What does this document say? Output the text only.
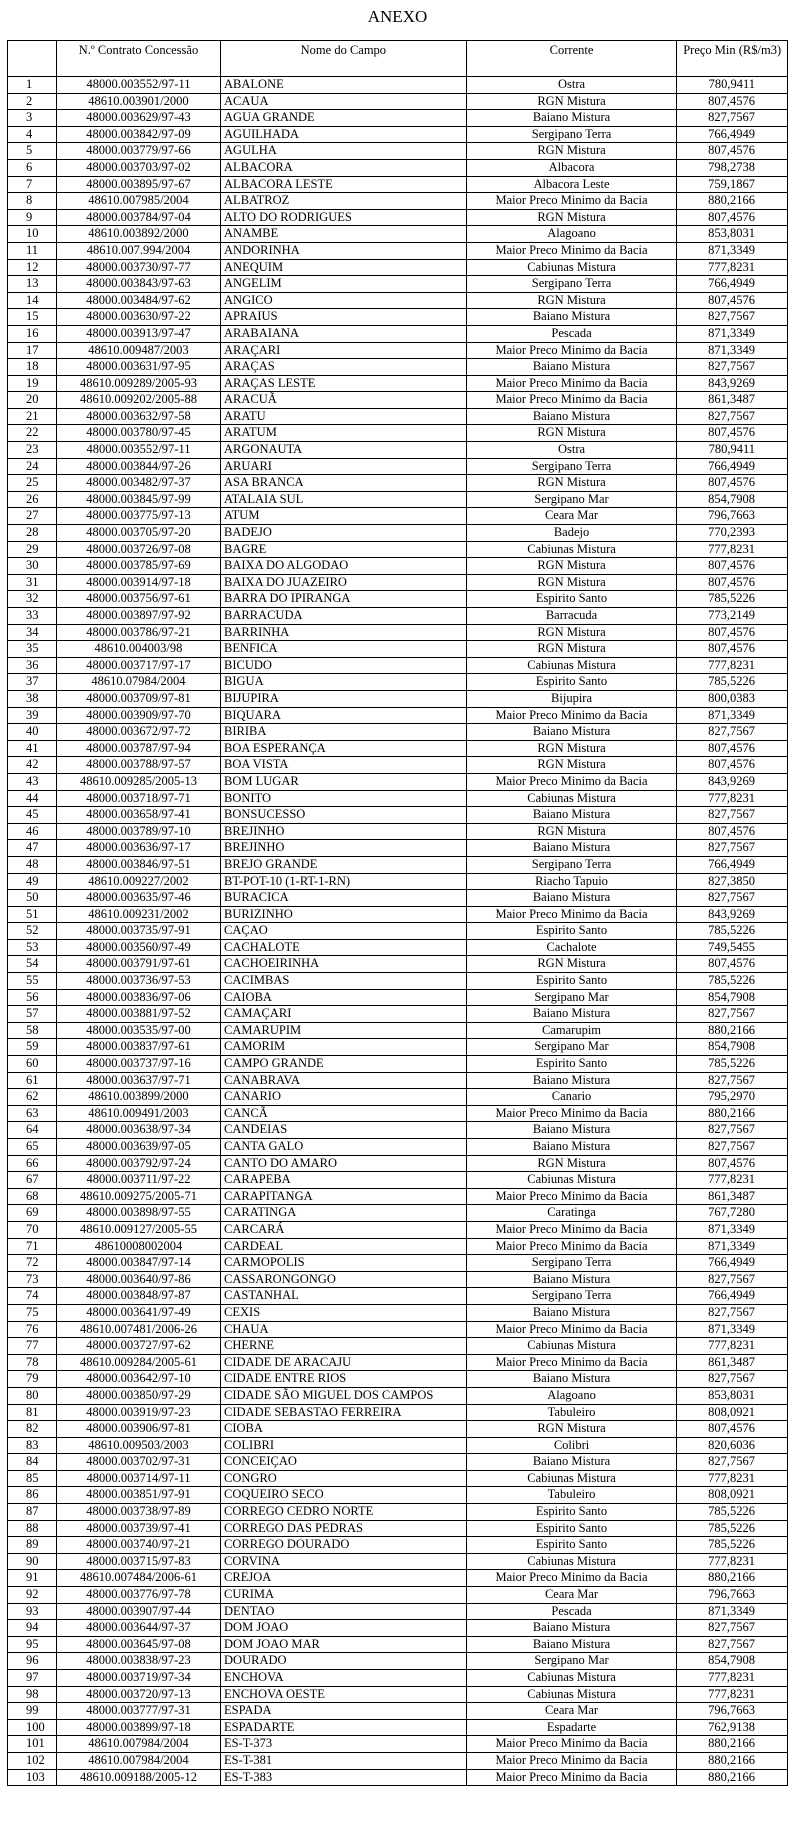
ANEXO
	N.º Contrato Concessão	Nome do Campo	Corrente	Preço Min (R$/m3)
1	48000.003552/97-11	ABALONE	Ostra	780,9411
2	48610.003901/2000	ACAUA	RGN Mistura	807,4576
3	48000.003629/97-43	AGUA GRANDE	Baiano Mistura	827,7567
4	48000.003842/97-09	AGUILHADA	Sergipano Terra	766,4949
5	48000.003779/97-66	AGULHA	RGN Mistura	807,4576
6	48000.003703/97-02	ALBACORA	Albacora	798,2738
7	48000.003895/97-67	ALBACORA LESTE	Albacora Leste	759,1867
8	48610.007985/2004	ALBATROZ	Maior Preco Minimo da Bacia	880,2166
9	48000.003784/97-04	ALTO DO RODRIGUES	RGN Mistura	807,4576
10	48610.003892/2000	ANAMBE	Alagoano	853,8031
11	48610.007.994/2004	ANDORINHA	Maior Preco Minimo da Bacia	871,3349
12	48000.003730/97-77	ANEQUIM	Cabiunas Mistura	777,8231
13	48000.003843/97-63	ANGELIM	Sergipano Terra	766,4949
14	48000.003484/97-62	ANGICO	RGN Mistura	807,4576
15	48000.003630/97-22	APRAIUS	Baiano Mistura	827,7567
16	48000.003913/97-47	ARABAIANA	Pescada	871,3349
17	48610.009487/2003	ARAÇARI	Maior Preco Minimo da Bacia	871,3349
18	48000.003631/97-95	ARAÇAS	Baiano Mistura	827,7567
19	48610.009289/2005-93	ARAÇAS LESTE	Maior Preco Minimo da Bacia	843,9269
20	48610.009202/2005-88	ARACUÃ	Maior Preco Minimo da Bacia	861,3487
21	48000.003632/97-58	ARATU	Baiano Mistura	827,7567
22	48000.003780/97-45	ARATUM	RGN Mistura	807,4576
23	48000.003552/97-11	ARGONAUTA	Ostra	780,9411
24	48000.003844/97-26	ARUARI	Sergipano Terra	766,4949
25	48000.003482/97-37	ASA BRANCA	RGN Mistura	807,4576
26	48000.003845/97-99	ATALAIA SUL	Sergipano Mar	854,7908
27	48000.003775/97-13	ATUM	Ceara Mar	796,7663
28	48000.003705/97-20	BADEJO	Badejo	770,2393
29	48000.003726/97-08	BAGRE	Cabiunas Mistura	777,8231
30	48000.003785/97-69	BAIXA DO ALGODAO	RGN Mistura	807,4576
31	48000.003914/97-18	BAIXA DO JUAZEIRO	RGN Mistura	807,4576
32	48000.003756/97-61	BARRA DO IPIRANGA	Espirito Santo	785,5226
33	48000.003897/97-92	BARRACUDA	Barracuda	773,2149
34	48000.003786/97-21	BARRINHA	RGN Mistura	807,4576
35	48610.004003/98	BENFICA	RGN Mistura	807,4576
36	48000.003717/97-17	BICUDO	Cabiunas Mistura	777,8231
37	48610.07984/2004	BIGUA	Espirito Santo	785,5226
38	48000.003709/97-81	BIJUPIRA	Bijupira	800,0383
39	48000.003909/97-70	BIQUARA	Maior Preco Minimo da Bacia	871,3349
40	48000.003672/97-72	BIRIBA	Baiano Mistura	827,7567
41	48000.003787/97-94	BOA ESPERANÇA	RGN Mistura	807,4576
42	48000.003788/97-57	BOA VISTA	RGN Mistura	807,4576
43	48610.009285/2005-13	BOM LUGAR	Maior Preco Minimo da Bacia	843,9269
44	48000.003718/97-71	BONITO	Cabiunas Mistura	777,8231
45	48000.003658/97-41	BONSUCESSO	Baiano Mistura	827,7567
46	48000.003789/97-10	BREJINHO	RGN Mistura	807,4576
47	48000.003636/97-17	BREJINHO	Baiano Mistura	827,7567
48	48000.003846/97-51	BREJO GRANDE	Sergipano Terra	766,4949
49	48610.009227/2002	BT-POT-10 (1-RT-1-RN)	Riacho Tapuio	827,3850
50	48000.003635/97-46	BURACICA	Baiano Mistura	827,7567
51	48610.009231/2002	BURIZINHO	Maior Preco Minimo da Bacia	843,9269
52	48000.003735/97-91	CAÇAO	Espirito Santo	785,5226
53	48000.003560/97-49	CACHALOTE	Cachalote	749,5455
54	48000.003791/97-61	CACHOEIRINHA	RGN Mistura	807,4576
55	48000.003736/97-53	CACIMBAS	Espirito Santo	785,5226
56	48000.003836/97-06	CAIOBA	Sergipano Mar	854,7908
57	48000.003881/97-52	CAMAÇARI	Baiano Mistura	827,7567
58	48000.003535/97-00	CAMARUPIM	Camarupim	880,2166
59	48000.003837/97-61	CAMORIM	Sergipano Mar	854,7908
60	48000.003737/97-16	CAMPO GRANDE	Espirito Santo	785,5226
61	48000.003637/97-71	CANABRAVA	Baiano Mistura	827,7567
62	48610.003899/2000	CANARIO	Canario	795,2970
63	48610.009491/2003	CANCÃ	Maior Preco Minimo da Bacia	880,2166
64	48000.003638/97-34	CANDEIAS	Baiano Mistura	827,7567
65	48000.003639/97-05	CANTA GALO	Baiano Mistura	827,7567
66	48000.003792/97-24	CANTO DO AMARO	RGN Mistura	807,4576
67	48000.003711/97-22	CARAPEBA	Cabiunas Mistura	777,8231
68	48610.009275/2005-71	CARAPITANGA	Maior Preco Minimo da Bacia	861,3487
69	48000.003898/97-55	CARATINGA	Caratinga	767,7280
70	48610.009127/2005-55	CARCARÁ	Maior Preco Minimo da Bacia	871,3349
71	48610008002004	CARDEAL	Maior Preco Minimo da Bacia	871,3349
72	48000.003847/97-14	CARMOPOLIS	Sergipano Terra	766,4949
73	48000.003640/97-86	CASSARONGONGO	Baiano Mistura	827,7567
74	48000.003848/97-87	CASTANHAL	Sergipano Terra	766,4949
75	48000.003641/97-49	CEXIS	Baiano Mistura	827,7567
76	48610.007481/2006-26	CHAUA	Maior Preco Minimo da Bacia	871,3349
77	48000.003727/97-62	CHERNE	Cabiunas Mistura	777,8231
78	48610.009284/2005-61	CIDADE DE ARACAJU	Maior Preco Minimo da Bacia	861,3487
79	48000.003642/97-10	CIDADE ENTRE RIOS	Baiano Mistura	827,7567
80	48000.003850/97-29	CIDADE SÃO MIGUEL DOS CAMPOS	Alagoano	853,8031
81	48000.003919/97-23	CIDADE SEBASTAO FERREIRA	Tabuleiro	808,0921
82	48000.003906/97-81	CIOBA	RGN Mistura	807,4576
83	48610.009503/2003	COLIBRI	Colibri	820,6036
84	48000.003702/97-31	CONCEIÇAO	Baiano Mistura	827,7567
85	48000.003714/97-11	CONGRO	Cabiunas Mistura	777,8231
86	48000.003851/97-91	COQUEIRO SECO	Tabuleiro	808,0921
87	48000.003738/97-89	CORREGO CEDRO NORTE	Espirito Santo	785,5226
88	48000.003739/97-41	CORREGO DAS PEDRAS	Espirito Santo	785,5226
89	48000.003740/97-21	CORREGO DOURADO	Espirito Santo	785,5226
90	48000.003715/97-83	CORVINA	Cabiunas Mistura	777,8231
91	48610.007484/2006-61	CREJOA	Maior Preco Minimo da Bacia	880,2166
92	48000.003776/97-78	CURIMA	Ceara Mar	796,7663
93	48000.003907/97-44	DENTAO	Pescada	871,3349
94	48000.003644/97-37	DOM JOAO	Baiano Mistura	827,7567
95	48000.003645/97-08	DOM JOAO MAR	Baiano Mistura	827,7567
96	48000.003838/97-23	DOURADO	Sergipano Mar	854,7908
97	48000.003719/97-34	ENCHOVA	Cabiunas Mistura	777,8231
98	48000.003720/97-13	ENCHOVA OESTE	Cabiunas Mistura	777,8231
99	48000.003777/97-31	ESPADA	Ceara Mar	796,7663
100	48000.003899/97-18	ESPADARTE	Espadarte	762,9138
101	48610.007984/2004	ES-T-373	Maior Preco Minimo da Bacia	880,2166
102	48610.007984/2004	ES-T-381	Maior Preco Minimo da Bacia	880,2166
103	48610.009188/2005-12	ES-T-383	Maior Preco Minimo da Bacia	880,2166
